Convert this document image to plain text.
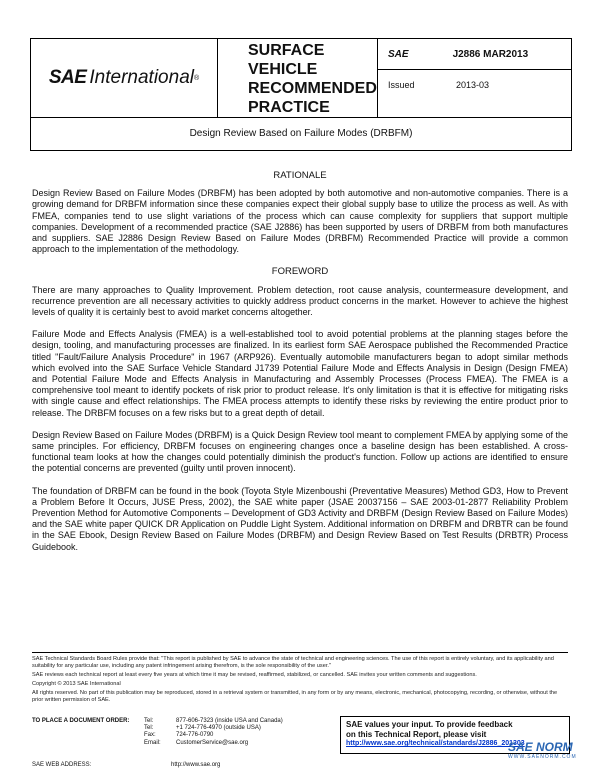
SAE International ®
SURFACE
VEHICLE
RECOMMENDED
PRACTICE
SAE	J2886 MAR2013
Issued	2013-03
Design Review Based on Failure Modes (DRBFM)
RATIONALE

Design Review Based on Failure Modes (DRBFM) has been adopted by both automotive and non-automotive companies. There is a growing demand for DRBFM information since these companies expect their global supply base to utilize the process as well. As with FMEA, companies tend to use slight variations of the process which can cause complexity for suppliers that support multiple companies. Development of a recommended practice (SAE J2886) has been supported by users of DRBFM from both manufactures and suppliers. SAE J2886 Design Review Based on Failure Modes (DRBFM) Recommended Practice will provide a common approach to the implementation of the methodology.

FOREWORD

There are many approaches to Quality Improvement. Problem detection, root cause analysis, countermeasure development, and recurrence prevention are all necessary activities to quickly address product concerns in the market. However to achieve the highest levels of quality it is certainly best to avoid market concerns altogether.

Failure Mode and Effects Analysis (FMEA) is a well-established tool to avoid potential problems at the planning stages before the design, tooling, and manufacturing processes are finalized. In its earliest form SAE Aerospace published the Recommended Practice titled "Fault/Failure Analysis Procedure" in 1967 (ARP926). Eventually automobile manufacturers began to adopt similar methods which evolved into the SAE Surface Vehicle Standard J1739 Potential Failure Mode and Effects Analysis in Design (Design FMEA) and Potential Failure Mode and Effects Analysis in Manufacturing and Assembly Processes (Process FMEA). The FMEA is a comprehensive tool meant to identify pockets of risk prior to product release. It's only limitation is that it is effective for mitigating risks with single cause and effect relationships. The FMEA process attempts to identify these risks by reviewing the entire product prior to release. The DRBFM focuses on a few risks but to a great depth of detail.

Design Review Based on Failure Modes (DRBFM) is a Quick Design Review tool meant to complement FMEA by applying some of the same principles. For efficiency, DRBFM focuses on engineering changes once a baseline design has been established. A cross-functional team looks at how the changes could potentially diminish the product's function. Follow up actions are identified to ensure the potential concerns are prevented (guilty until proven innocent).

The foundation of DRBFM can be found in the book (Toyota Style Mizenboushi (Preventative Measures) Method GD3, How to Prevent a Problem Before It Occurs, JUSE Press, 2002), the SAE white paper (JSAE 20037156 – SAE 2003-01-2877 Reliability Problem Prevention Method for Automotive Components – Development of GD3 Activity and DRBFM (Design Review Based on Failure Modes) and the SAE white paper QUICK DR Application on Puddle Light System. Additional information on DRBFM and DRBTR can be found in the SAE Ebook, Design Review Based on Failure Modes (DRBFM) and Design Review Based on Test Results (DRBTR) Process Guidebook.

SAE Technical Standards Board Rules provide that: "This report is published by SAE to advance the state of technical and engineering sciences. The use of this report is entirely voluntary, and its applicability and suitability for any particular use, including any patent infringement arising therefrom, is the sole responsibility of the user."

SAE reviews each technical report at least every five years at which time it may be revised, reaffirmed, stabilized, or cancelled. SAE invites your written comments and suggestions.

Copyright © 2013 SAE International

All rights reserved. No part of this publication may be reproduced, stored in a retrieval system or transmitted, in any form or by any means, electronic, mechanical, photocopying, recording, or otherwise, without the prior written permission of SAE.

TO PLACE A DOCUMENT ORDER: Tel:	877-606-7323 (inside USA and Canada)
Tel:	+1 724-776-4970 (outside USA)
Fax:	724-776-0790
Email:	CustomerService@sae.org
SAE values your input. To provide feedback
on this Technical Report, please visit
http://www.sae.org/technical/standards/J2886_201303
SAE NORM
WWW.SAENORM.COM
SAE WEB ADDRESS:	http://www.sae.org
